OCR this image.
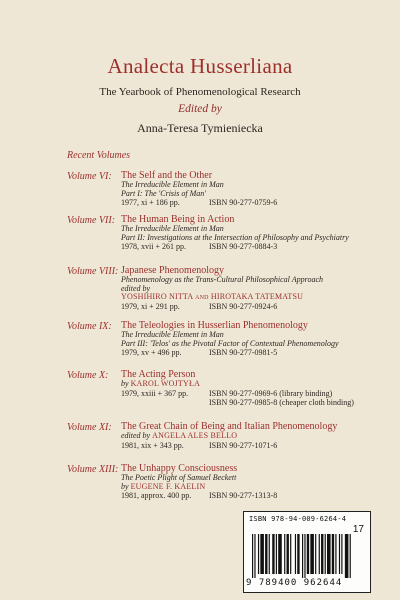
Analecta Husserliana
The Yearbook of Phenomenological Research
Edited by
Anna-Teresa Tymieniecka
Recent Volumes
Volume VI: The Self and the Other
The Irreducible Element in Man
Part I: The 'Crisis of Man'
1977, xi + 186 pp.	ISBN 90-277-0759-6
Volume VII: The Human Being in Action
The Irreducible Element in Man
Part II: Investigations at the Intersection of Philosophy and Psychiatry
1978, xvii + 261 pp.	ISBN 90-277-0884-3
Volume VIII: Japanese Phenomenology
Phenomenology as the Trans-Cultural Philosophical Approach
edited by
YOSHIHIRO NITTA and HIROTAKA TATEMATSU
1979, xi + 291 pp.	ISBN 90-277-0924-6
Volume IX: The Teleologies in Husserlian Phenomenology
The Irreducible Element in Man
Part III: 'Telos' as the Pivotal Factor of Contextual Phenomenology
1979, xv + 496 pp.	ISBN 90-277-0981-5
Volume X: The Acting Person
by KAROL WOJTYŁA
1979, xxiii + 367 pp.	ISBN 90-277-0969-6 (library binding)
ISBN 90-277-0985-8 (cheaper cloth binding)
Volume XI: The Great Chain of Being and Italian Phenomenology
edited by ANGELA ALES BELLO
1981, xix + 343 pp.	ISBN 90-277-1071-6
Volume XIII: The Unhappy Consciousness
The Poetic Plight of Samuel Beckett
by EUGENE F. KAELIN
1981, approx. 400 pp. ISBN 90-277-1313-8
ISBN 978-94-009-6264-4
17
9 789400 962644
